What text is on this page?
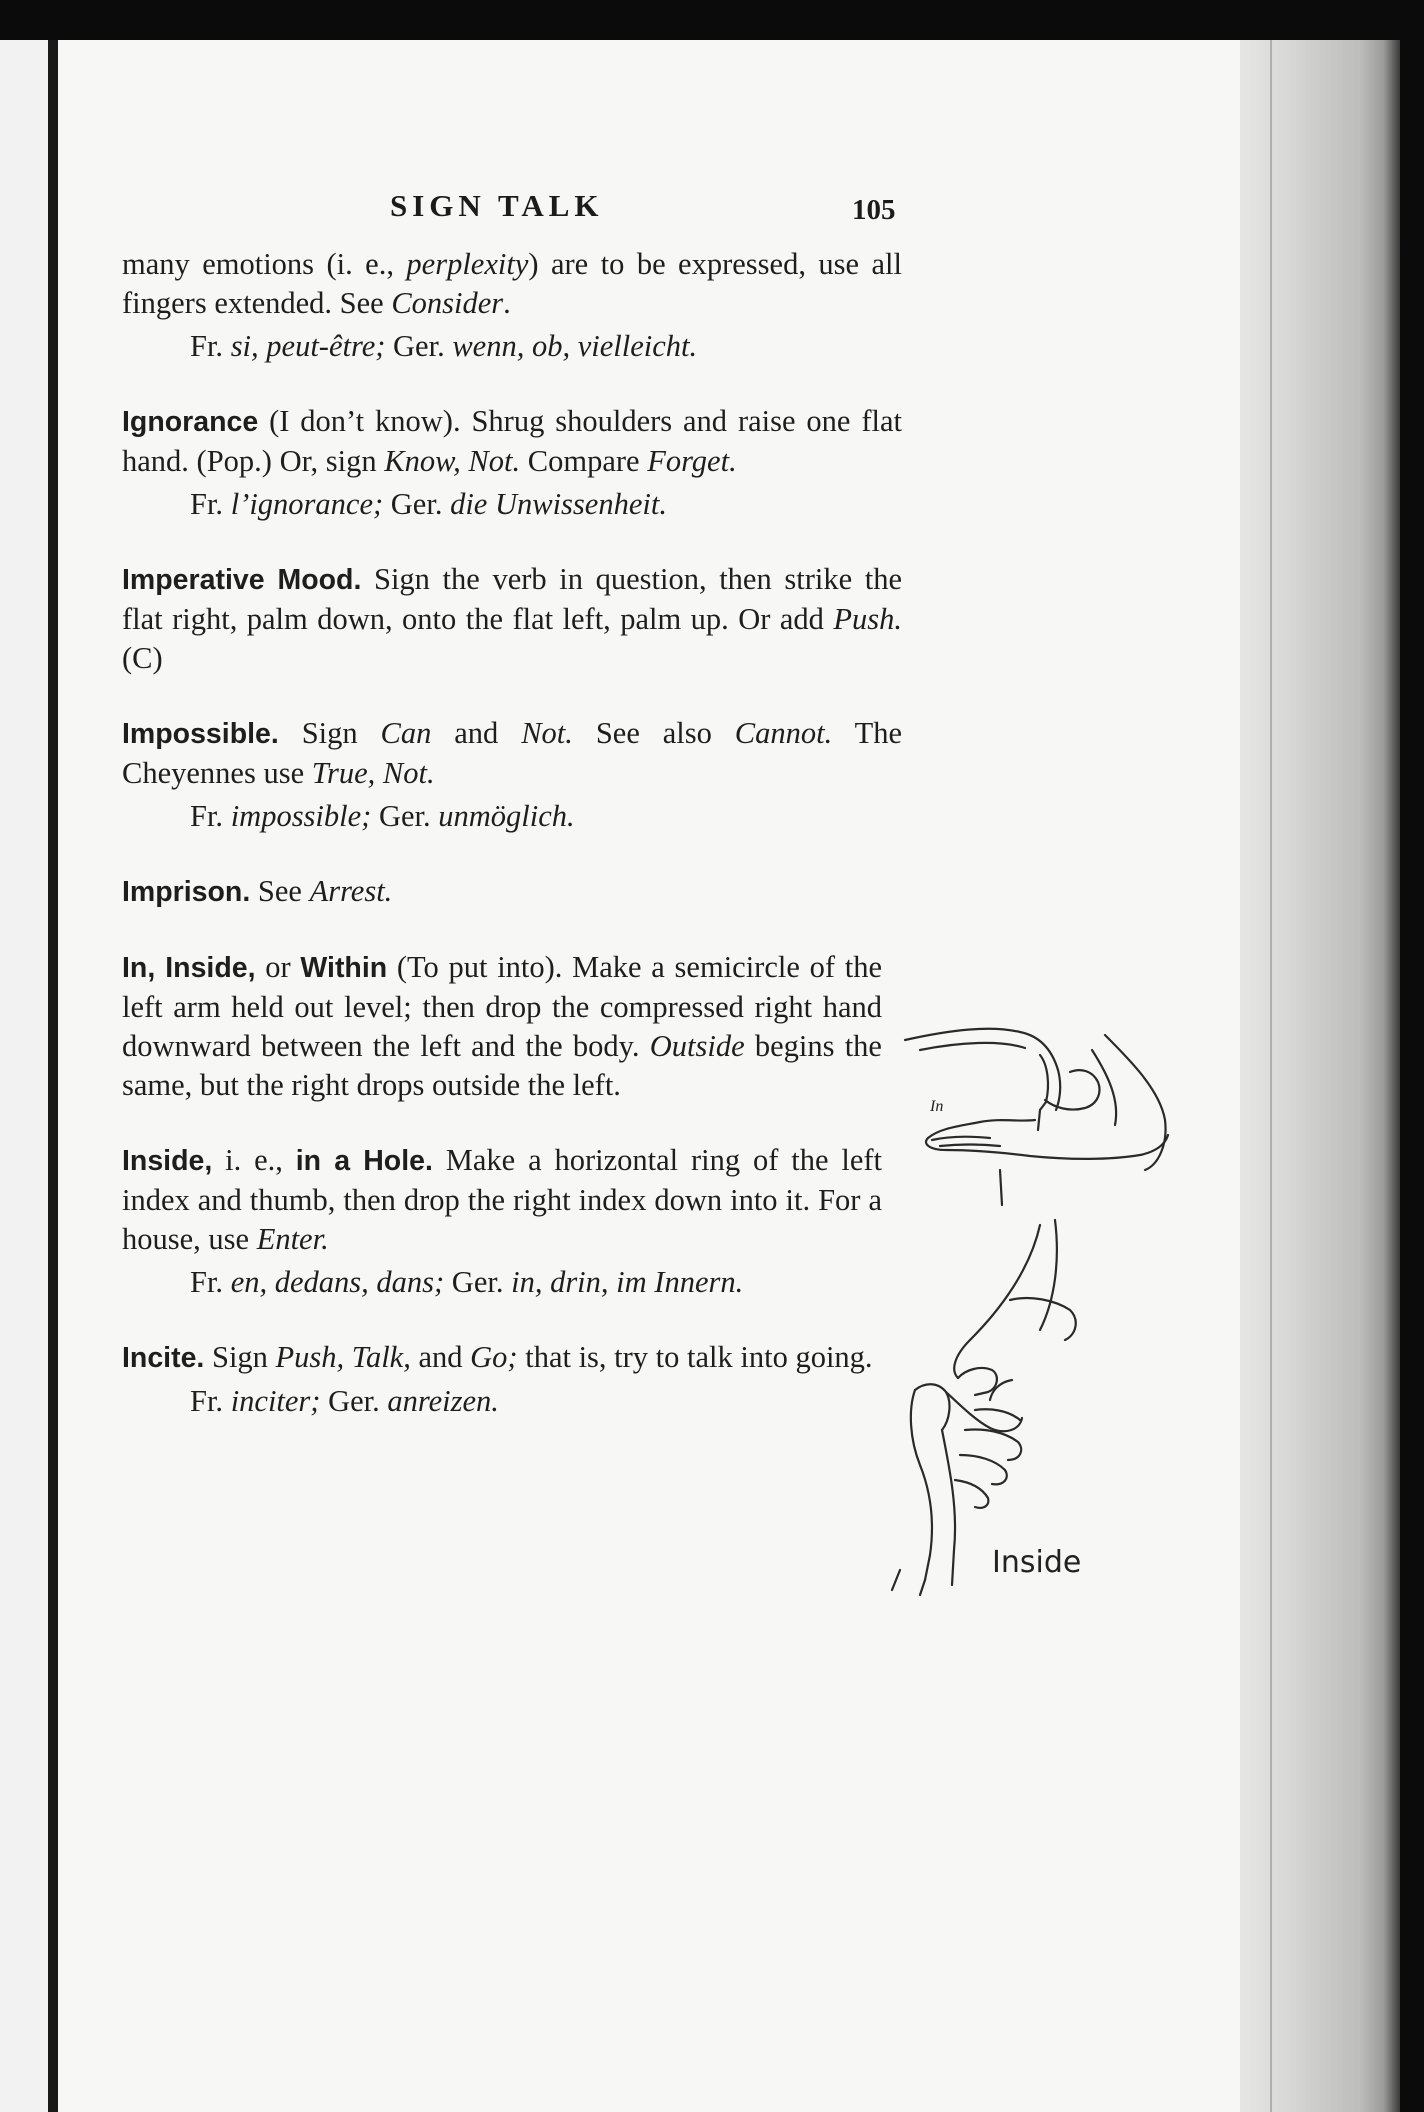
SIGN TALK	105

many emotions (i. e., perplexity) are to be expressed, use all fingers extended. See Consider.

Fr. si, peut-être; Ger. wenn, ob, vielleicht.

Ignorance (I don’t know). Shrug shoulders and raise one flat hand. (Pop.) Or, sign Know, Not. Compare Forget.

Fr. l’ignorance; Ger. die Unwissenheit.

Imperative Mood. Sign the verb in question, then strike the flat right, palm down, onto the flat left, palm up. Or add Push. (C)

Impossible. Sign Can and Not. See also Cannot. The Cheyennes use True, Not.

Fr. impossible; Ger. unmöglich.

Imprison. See Arrest.

In, Inside, or Within (To put into). Make a semicircle of the left arm held out level; then drop the compressed right hand downward between the left and the body. Outside begins the same, but the right drops outside the left.

Inside, i. e., in a Hole. Make a horizontal ring of the left index and thumb, then drop the right index down into it. For a house, use Enter.

Fr. en, dedans, dans; Ger. in, drin, im Innern.

Incite. Sign Push, Talk, and Go; that is, try to talk into going.

Fr. inciter; Ger. anreizen.

In
Inside
